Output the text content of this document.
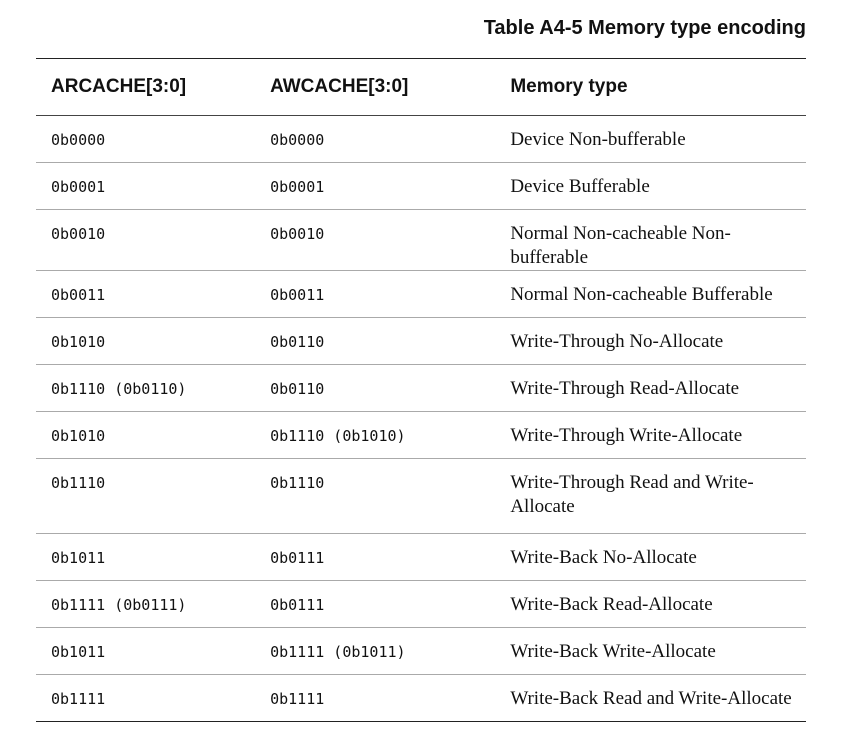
Table A4-5 Memory type encoding
ARCACHE[3:0]	AWCACHE[3:0]	Memory type
0b0000	0b0000	Device Non-bufferable
0b0001	0b0001	Device Bufferable
0b0010	0b0010	Normal Non-cacheable Non-bufferable
0b0011	0b0011	Normal Non-cacheable Bufferable
0b1010	0b0110	Write-Through No-Allocate
0b1110 (0b0110)	0b0110	Write-Through Read-Allocate
0b1010	0b1110 (0b1010)	Write-Through Write-Allocate
0b1110	0b1110	Write-Through Read and Write-Allocate
0b1011	0b0111	Write-Back No-Allocate
0b1111 (0b0111)	0b0111	Write-Back Read-Allocate
0b1011	0b1111 (0b1011)	Write-Back Write-Allocate
0b1111	0b1111	Write-Back Read and Write-Allocate
